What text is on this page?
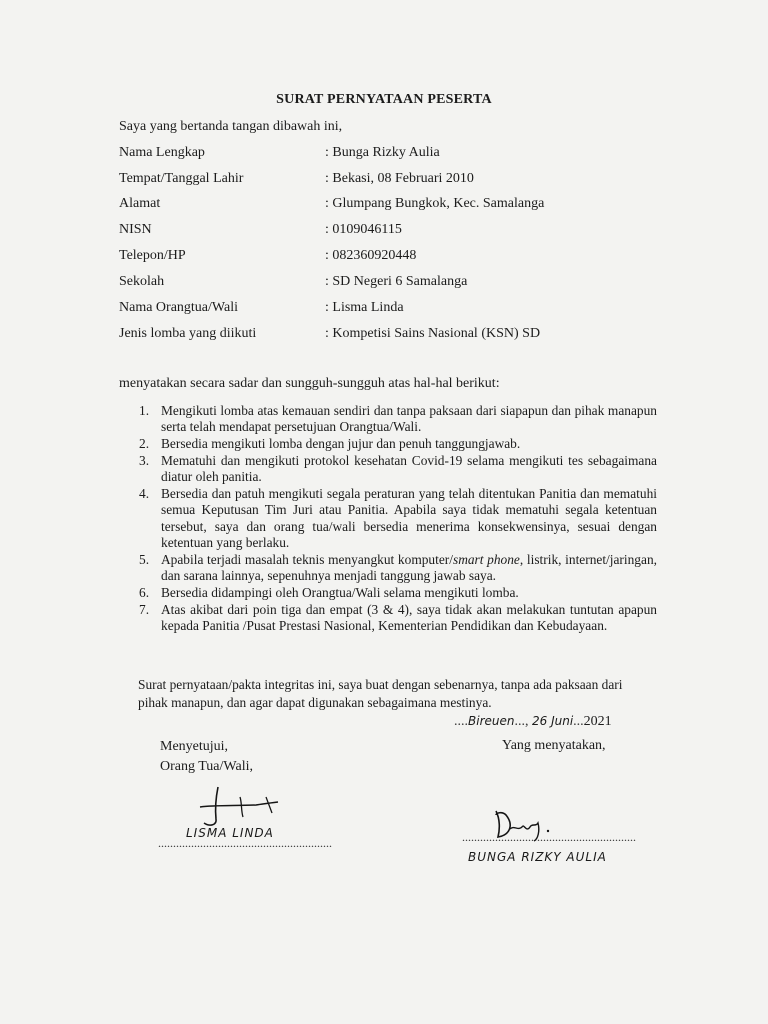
SURAT PERNYATAAN PESERTA
Saya yang bertanda tangan dibawah ini,
Nama Lengkap	: Bunga Rizky Aulia
Tempat/Tanggal Lahir	: Bekasi, 08 Februari 2010
Alamat	: Glumpang Bungkok, Kec. Samalanga
NISN	: 0109046115
Telepon/HP	: 082360920448
Sekolah	: SD Negeri 6 Samalanga
Nama Orangtua/Wali	: Lisma Linda
Jenis lomba yang diikuti	: Kompetisi Sains Nasional (KSN) SD
menyatakan secara sadar dan sungguh-sungguh atas hal-hal berikut:
1. Mengikuti lomba atas kemauan sendiri dan tanpa paksaan dari siapapun dan pihak manapun serta telah mendapat persetujuan Orangtua/Wali.
2. Bersedia mengikuti lomba dengan jujur dan penuh tanggungjawab.
3. Mematuhi dan mengikuti protokol kesehatan Covid-19 selama mengikuti tes sebagaimana diatur oleh panitia.
4. Bersedia dan patuh mengikuti segala peraturan yang telah ditentukan Panitia dan mematuhi semua Keputusan Tim Juri atau Panitia. Apabila saya tidak mematuhi segala ketentuan tersebut, saya dan orang tua/wali bersedia menerima konsekwensinya, sesuai dengan ketentuan yang berlaku.
5. Apabila terjadi masalah teknis menyangkut komputer/smart phone, listrik, internet/jaringan, dan sarana lainnya, sepenuhnya menjadi tanggung jawab saya.
6. Bersedia didampingi oleh Orangtua/Wali selama mengikuti lomba.
7. Atas akibat dari poin tiga dan empat (3 & 4), saya tidak akan melakukan tuntutan apapun kepada Panitia /Pusat Prestasi Nasional, Kementerian Pendidikan dan Kebudayaan.
Surat pernyataan/pakta integritas ini, saya buat dengan sebenarnya, tanpa ada paksaan dari pihak manapun, dan agar dapat digunakan sebagaimana mestinya.
....Bireuen..., 26 Juni...2021
Yang menyatakan,
Menyetujui,
Orang Tua/Wali,
LISMA LINDA
..........................................................	..........................................................
BUNGA RIZKY AULIA
